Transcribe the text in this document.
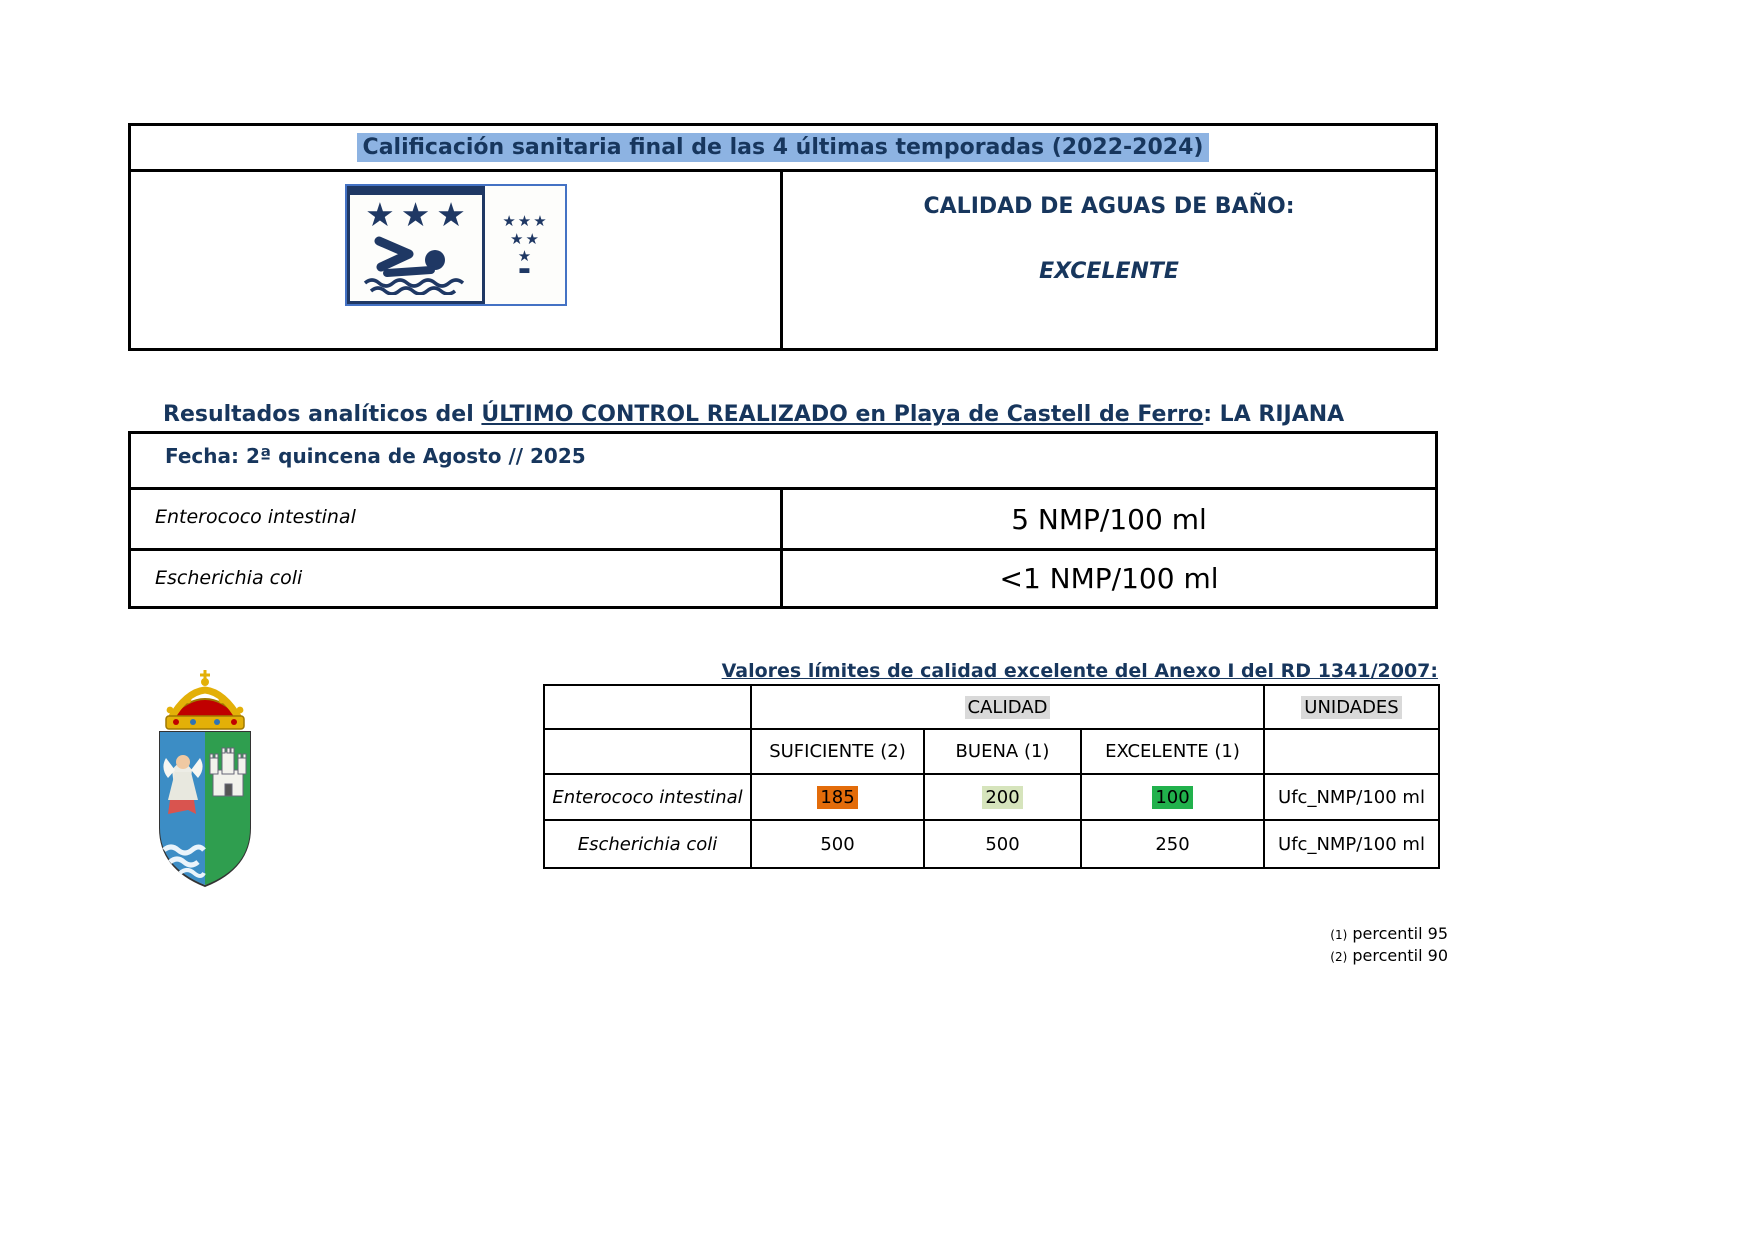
Calificación sanitaria final de las 4 últimas temporadas (2022-2024)
★★★ ★★★
★★
★
▬
CALIDAD DE AGUAS DE BAÑO:
EXCELENTE
Resultados analíticos del ÚLTIMO CONTROL REALIZADO en Playa de Castell de Ferro: LA RIJANA
Fecha: 2ª quincena de Agosto // 2025
Enterococo intestinal	5 NMP/100 ml
Escherichia coli	<1 NMP/100 ml
Valores límites de calidad excelente del Anexo I del RD 1341/2007:
	CALIDAD			UNIDADES
	SUFICIENTE (2)	BUENA (1)	EXCELENTE (1)	
Enterococo intestinal	185	200	100	Ufc_NMP/100 ml
Escherichia coli	500	500	250	Ufc_NMP/100 ml
(1) percentil 95
(2) percentil 90
